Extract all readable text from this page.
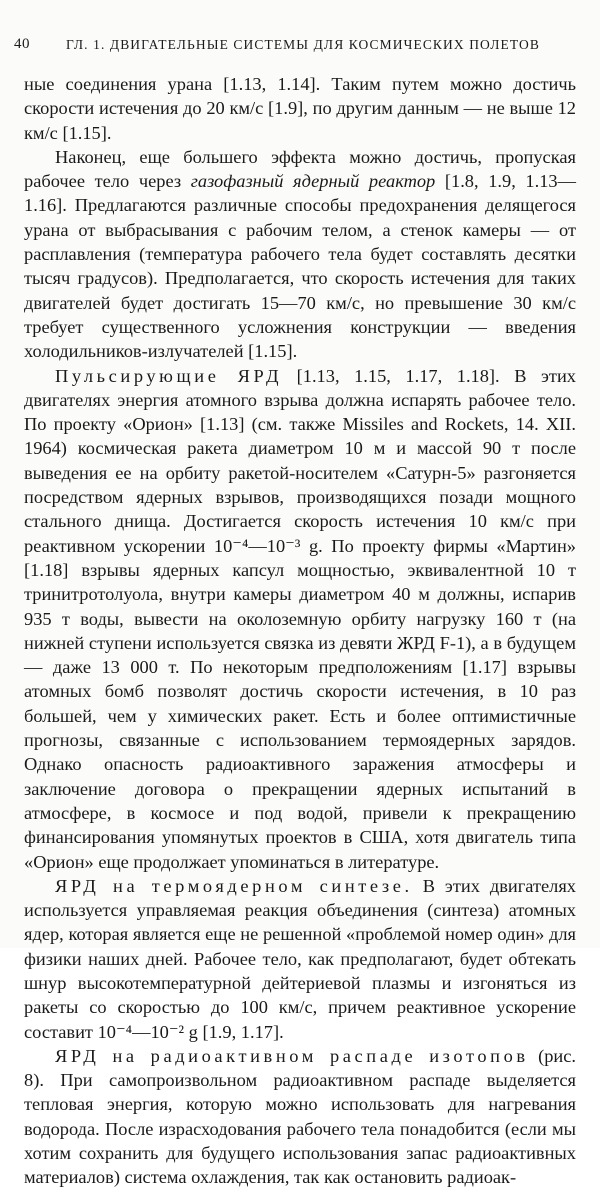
40	ГЛ. 1. ДВИГАТЕЛЬНЫЕ СИСТЕМЫ ДЛЯ КОСМИЧЕСКИХ ПОЛЕТОВ

ные соединения урана [1.13, 1.14]. Таким путем можно достичь скорости истечения до 20 км/с [1.9], по другим данным — не выше 12 км/с [1.15].

Наконец, еще большего эффекта можно достичь, пропуская рабочее тело через газофазный ядерный реактор [1.8, 1.9, 1.13— 1.16]. Предлагаются различные способы предохранения делящегося урана от выбрасывания с рабочим телом, а стенок камеры — от расплавления (температура рабочего тела будет составлять десятки тысяч градусов). Предполагается, что скорость истечения для таких двигателей будет достигать 15—70 км/с, но превышение 30 км/с требует существенного усложнения конструкции — введения холодильников-излучателей [1.15].

Пульсирующие ЯРД [1.13, 1.15, 1.17, 1.18]. В этих двигателях энергия атомного взрыва должна испарять рабочее тело. По проекту «Орион» [1.13] (см. также Missiles and Rockets, 14. XII. 1964) космическая ракета диаметром 10 м и массой 90 т после выведения ее на орбиту ракетой-носителем «Сатурн-5» разгоняется посредством ядерных взрывов, производящихся позади мощного стального днища. Достигается скорость истечения 10 км/с при реактивном ускорении 10⁻⁴—10⁻³ g. По проекту фирмы «Мартин» [1.18] взрывы ядерных капсул мощностью, эквивалентной 10 т тринитротолуола, внутри камеры диаметром 40 м должны, испарив 935 т воды, вывести на околоземную орбиту нагрузку 160 т (на нижней ступени используется связка из девяти ЖРД F-1), а в будущем — даже 13 000 т. По некоторым предположениям [1.17] взрывы атомных бомб позволят достичь скорости истечения, в 10 раз большей, чем у химических ракет. Есть и более оптимистичные прогнозы, связанные с использованием термоядерных зарядов. Однако опасность радиоактивного заражения атмосферы и заключение договора о прекращении ядерных испытаний в атмосфере, в космосе и под водой, привели к прекращению финансирования упомянутых проектов в США, хотя двигатель типа «Орион» еще продолжает упоминаться в литературе.

ЯРД на термоядерном синтезе. В этих двигателях используется управляемая реакция объединения (синтеза) атомных ядер, которая является еще не решенной «проблемой номер один» для физики наших дней. Рабочее тело, как предполагают, будет обтекать шнур высокотемпературной дейтериевой плазмы и изгоняться из ракеты со скоростью до 100 км/с, причем реактивное ускорение составит 10⁻⁴—10⁻² g [1.9, 1.17].

ЯРД на радиоактивном распаде изотопов (рис. 8). При самопроизвольном радиоактивном распаде выделяется тепловая энергия, которую можно использовать для нагревания водорода. После израсходования рабочего тела понадобится (если мы хотим сохранить для будущего использования запас радиоактивных материалов) система охлаждения, так как остановить радиоак-
